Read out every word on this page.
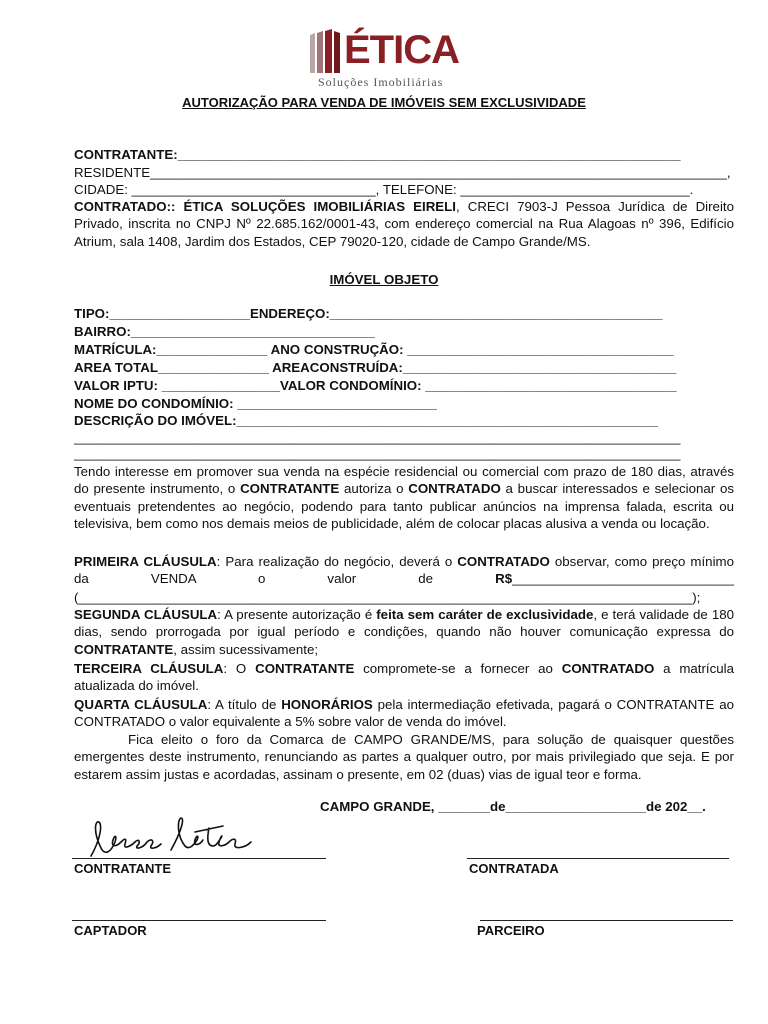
ÉTICA
Soluções Imobiliárias
AUTORIZAÇÃO PARA VENDA DE IMÓVEIS SEM EXCLUSIVIDADE
CONTRATANTE:____________________________________________________________________
RESIDENTE______________________________________________________________________________,
CIDADE: _________________________________, TELEFONE: _______________________________.
CONTRATADO:: ÉTICA SOLUÇÕES IMOBILIÁRIAS EIRELI, CRECI 7903-J Pessoa Jurídica de Direito Privado, inscrita no CNPJ Nº 22.685.162/0001-43, com endereço comercial na Rua Alagoas nº 396, Edifício Atrium, sala 1408, Jardim dos Estados, CEP 79020-120, cidade de Campo Grande/MS.
IMÓVEL OBJETO
TIPO:___________________ENDEREÇO:_____________________________________________
BAIRRO:_________________________________
MATRÍCULA:_______________ ANO CONSTRUÇÃO: ____________________________________
AREA TOTAL_______________ AREACONSTRUÍDA:_____________________________________
VALOR IPTU: ________________VALOR CONDOMÍNIO: __________________________________
NOME DO CONDOMÍNIO: ___________________________
DESCRIÇÃO DO IMÓVEL:_________________________________________________________
__________________________________________________________________________________
__________________________________________________________________________________
Tendo interesse em promover sua venda na espécie residencial ou comercial com prazo de 180 dias, através do presente instrumento, o CONTRATANTE autoriza o CONTRATADO a buscar interessados e selecionar os eventuais pretendentes ao negócio, podendo para tanto publicar anúncios na imprensa falada, escrita ou televisiva, bem como nos demais meios de publicidade, além de colocar placas alusiva a venda ou locação.
PRIMEIRA CLÁUSULA: Para realização do negócio, deverá o CONTRATADO observar, como preço mínimo da VENDA o valor de R$______________________________
(___________________________________________________________________________________);
SEGUNDA CLÁUSULA: A presente autorização é feita sem caráter de exclusividade, e terá validade de 180 dias, sendo prorrogada por igual período e condições, quando não houver comunicação expressa do CONTRATANTE, assim sucessivamente;
TERCEIRA CLÁUSULA: O CONTRATANTE compromete-se a fornecer ao CONTRATADO a matrícula atualizada do imóvel.
QUARTA CLÁUSULA: A título de HONORÁRIOS pela intermediação efetivada, pagará o CONTRATANTE ao CONTRATADO o valor equivalente a 5% sobre valor de venda do imóvel.
Fica eleito o foro da Comarca de CAMPO GRANDE/MS, para solução de quaisquer questões emergentes deste instrumento, renunciando as partes a qualquer outro, por mais privilegiado que seja. E por estarem assim justas e acordadas, assinam o presente, em 02 (duas) vias de igual teor e forma.
CAMPO GRANDE, _______de___________________de 202__.
CONTRATANTE	CONTRATADA
CAPTADOR	PARCEIRO
